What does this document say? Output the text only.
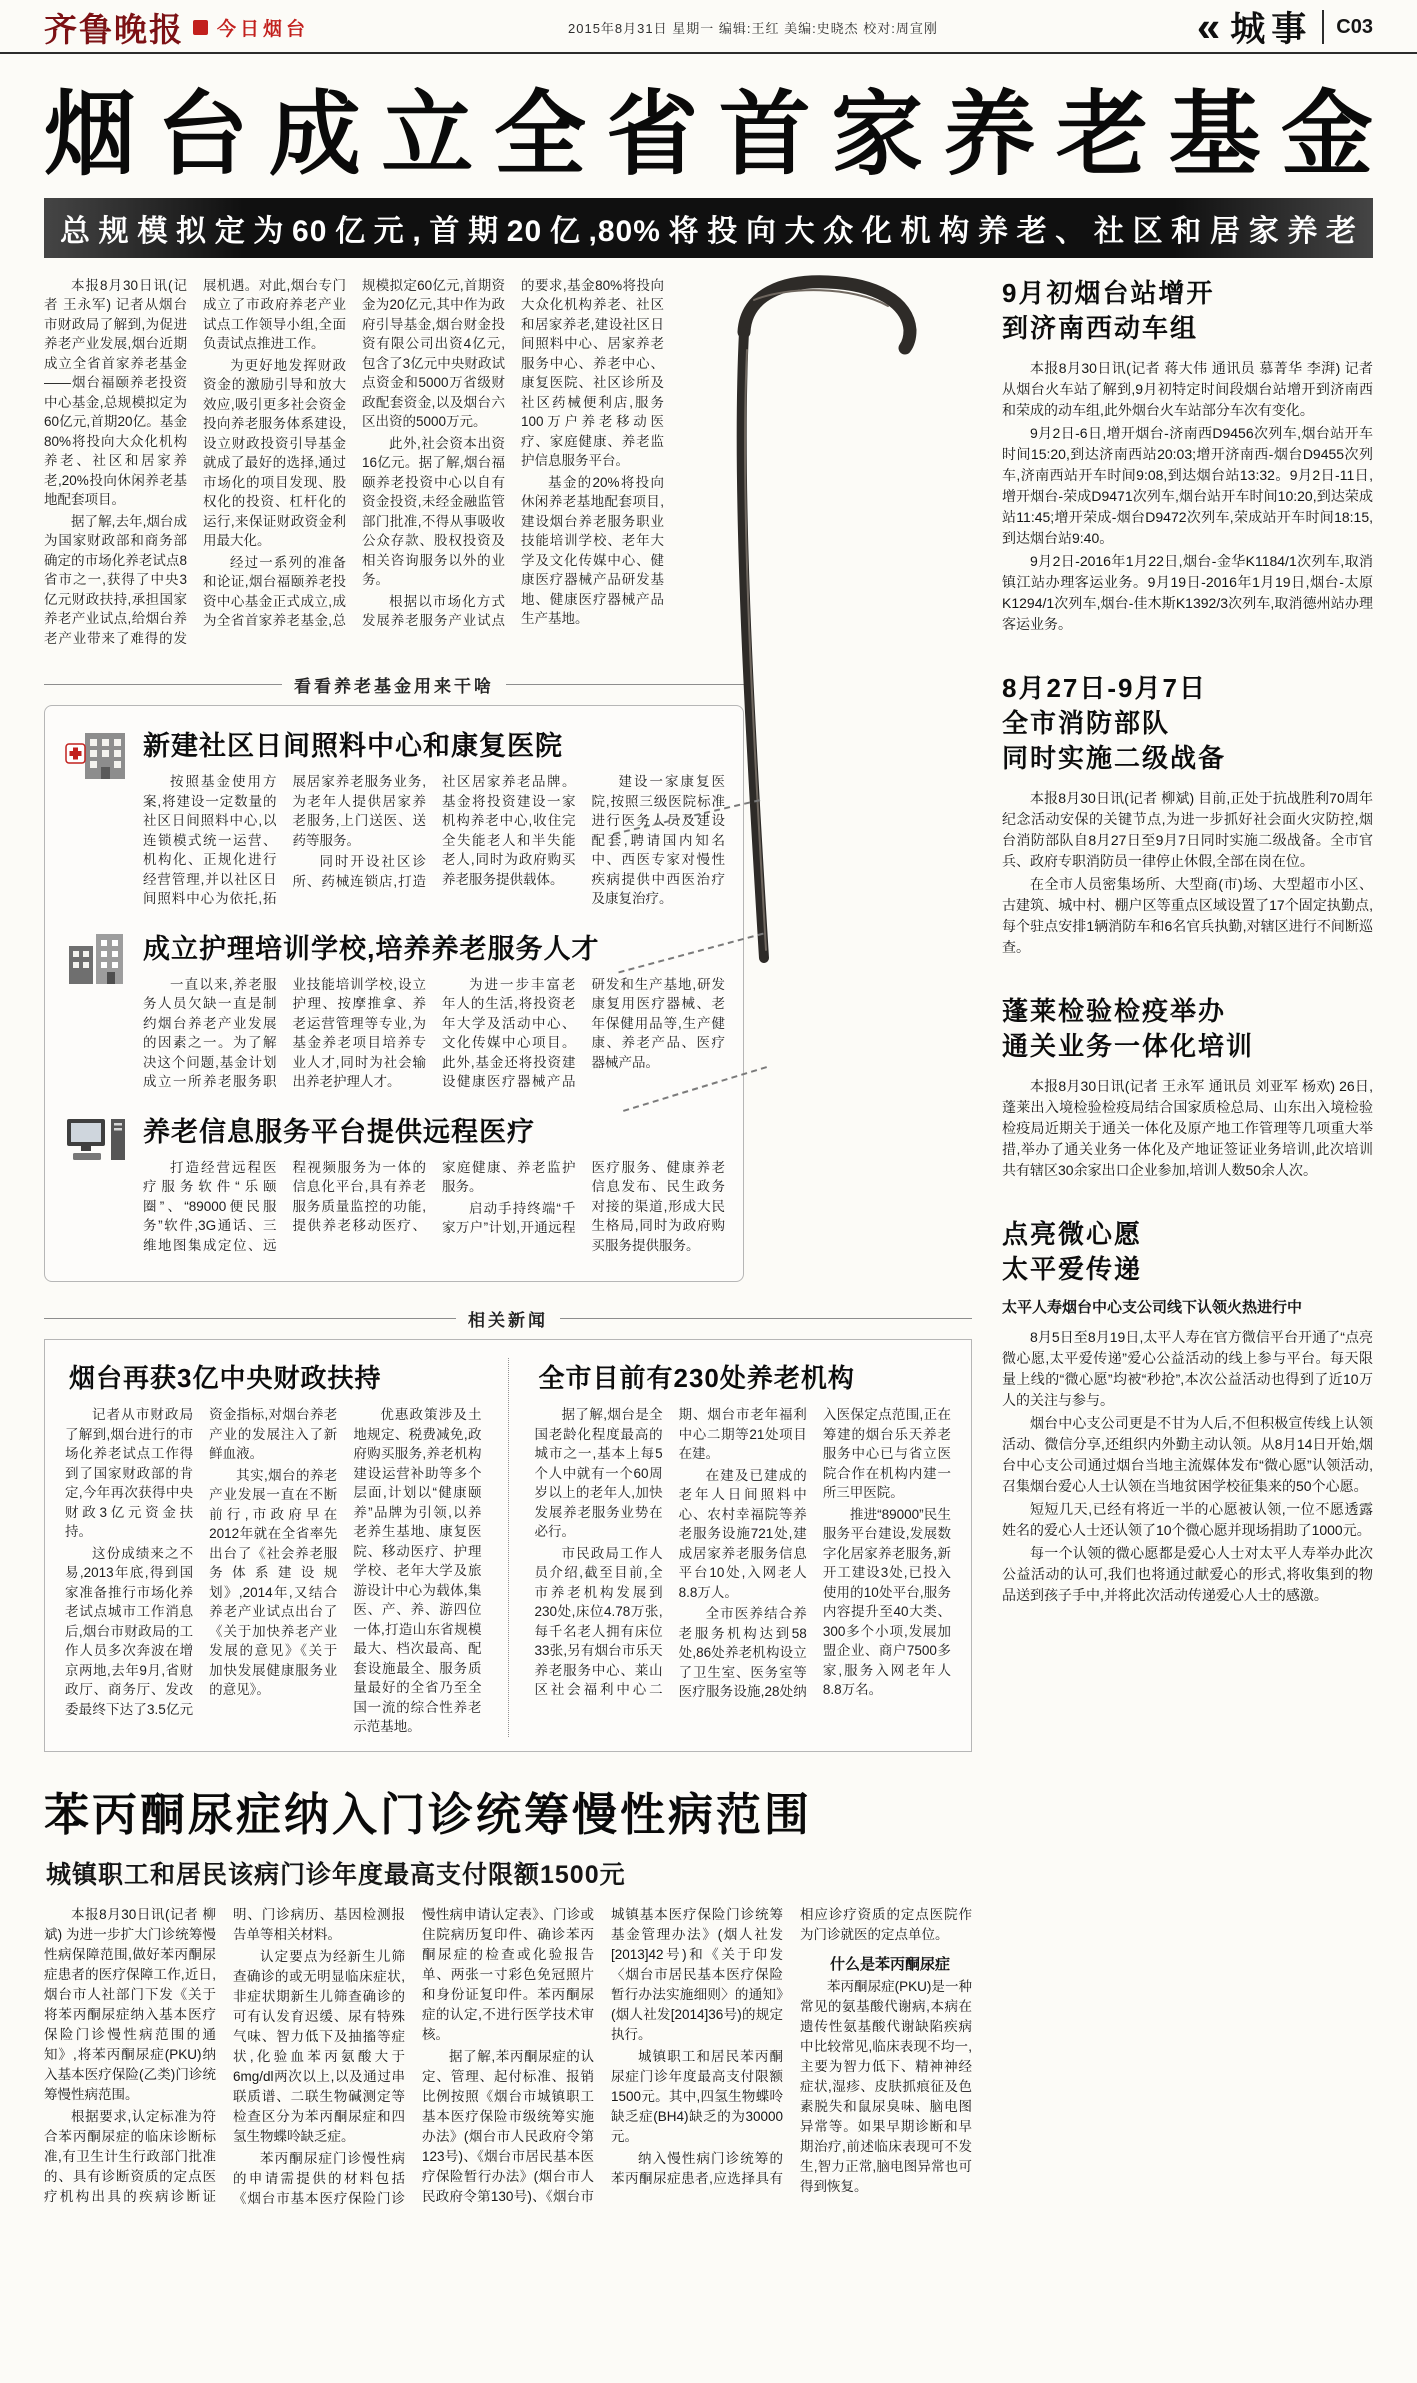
齐鲁晚报 今日烟台	2015年8月31日 星期一 编辑:王红 美编:史晓杰 校对:周宣刚	« 城事	C03
烟台成立全省首家养老基金
总规模拟定为60亿元,首期20亿,80%将投向大众化机构养老、社区和居家养老

本报8月30日讯(记者 王永军) 记者从烟台市财政局了解到,为促进养老产业发展,烟台近期成立全省首家养老基金——烟台福颐养老投资中心基金,总规模拟定为60亿元,首期20亿。基金80%将投向大众化机构养老、社区和居家养老,20%投向休闲养老基地配套项目。

据了解,去年,烟台成为国家财政部和商务部确定的市场化养老试点8省市之一,获得了中央3亿元财政扶持,承担国家养老产业试点,给烟台养老产业带来了难得的发展机遇。对此,烟台专门成立了市政府养老产业试点工作领导小组,全面负责试点推进工作。

为更好地发挥财政资金的激励引导和放大效应,吸引更多社会资金投向养老服务体系建设,设立财政投资引导基金就成了最好的选择,通过市场化的项目发现、股权化的投资、杠杆化的运行,来保证财政资金利用最大化。

经过一系列的准备和论证,烟台福颐养老投资中心基金正式成立,成为全省首家养老基金,总规模拟定60亿元,首期资金为20亿元,其中作为政府引导基金,烟台财金投资有限公司出资4亿元,包含了3亿元中央财政试点资金和5000万省级财政配套资金,以及烟台六区出资的5000万元。

此外,社会资本出资16亿元。据了解,烟台福颐养老投资中心以自有资金投资,未经金融监管部门批准,不得从事吸收公众存款、股权投资及相关咨询服务以外的业务。

根据以市场化方式发展养老服务产业试点的要求,基金80%将投向大众化机构养老、社区和居家养老,建设社区日间照料中心、居家养老服务中心、养老中心、康复医院、社区诊所及社区药械便利店,服务100万户养老移动医疗、家庭健康、养老监护信息服务平台。

基金的20%将投向休闲养老基地配套项目,建设烟台养老服务职业技能培训学校、老年大学及文化传媒中心、健康医疗器械产品研发基地、健康医疗器械产品生产基地。

看看养老基金用来干啥
新建社区日间照料中心和康复医院

按照基金使用方案,将建设一定数量的社区日间照料中心,以连锁模式统一运营、机构化、正规化进行经营管理,并以社区日间照料中心为依托,拓展居家养老服务业务,为老年人提供居家养老服务,上门送医、送药等服务。

同时开设社区诊所、药械连锁店,打造社区居家养老品牌。基金将投资建设一家机构养老中心,收住完全失能老人和半失能老人,同时为政府购买养老服务提供载体。

建设一家康复医院,按照三级医院标准进行医务人员及建设配套,聘请国内知名中、西医专家对慢性疾病提供中西医治疗及康复治疗。

成立护理培训学校,培养养老服务人才

一直以来,养老服务人员欠缺一直是制约烟台养老产业发展的因素之一。为了解决这个问题,基金计划成立一所养老服务职业技能培训学校,设立护理、按摩推拿、养老运营管理等专业,为基金养老项目培养专业人才,同时为社会输出养老护理人才。

为进一步丰富老年人的生活,将投资老年大学及活动中心、文化传媒中心项目。此外,基金还将投资建设健康医疗器械产品研发和生产基地,研发康复用医疗器械、老年保健用品等,生产健康、养老产品、医疗器械产品。

养老信息服务平台提供远程医疗

打造经营远程医疗服务软件“乐颐圈”、“89000便民服务”软件,3G通话、三维地图集成定位、远程视频服务为一体的信息化平台,具有养老服务质量监控的功能,提供养老移动医疗、家庭健康、养老监护服务。

启动手持终端“千家万户”计划,开通远程医疗服务、健康养老信息发布、民生政务对接的渠道,形成大民生格局,同时为政府购买服务提供服务。

相关新闻
烟台再获3亿中央财政扶持

记者从市财政局了解到,烟台进行的市场化养老试点工作得到了国家财政部的肯定,今年再次获得中央财政3亿元资金扶持。

这份成绩来之不易,2013年底,得到国家准备推行市场化养老试点城市工作消息后,烟台市财政局的工作人员多次奔波在增京两地,去年9月,省财政厅、商务厅、发改委最终下达了3.5亿元资金指标,对烟台养老产业的发展注入了新鲜血液。

其实,烟台的养老产业发展一直在不断前行,市政府早在2012年就在全省率先出台了《社会养老服务体系建设规划》,2014年,又结合养老产业试点出台了《关于加快养老产业发展的意见》《关于加快发展健康服务业的意见》。

优惠政策涉及土地规定、税费减免,政府购买服务,养老机构建设运营补助等多个层面,计划以“健康颐养”品牌为引领,以养老养生基地、康复医院、移动医疗、护理学校、老年大学及旅游设计中心为载体,集医、产、养、游四位一体,打造山东省规模最大、档次最高、配套设施最全、服务质量最好的全省乃至全国一流的综合性养老示范基地。

全市目前有230处养老机构

据了解,烟台是全国老龄化程度最高的城市之一,基本上每5个人中就有一个60周岁以上的老年人,加快发展养老服务业势在必行。

市民政局工作人员介绍,截至目前,全市养老机构发展到230处,床位4.78万张,每千名老人拥有床位33张,另有烟台市乐天养老服务中心、莱山区社会福利中心二期、烟台市老年福利中心二期等21处项目在建。

在建及已建成的老年人日间照料中心、农村幸福院等养老服务设施721处,建成居家养老服务信息平台10处,入网老人8.8万人。

全市医养结合养老服务机构达到58处,86处养老机构设立了卫生室、医务室等医疗服务设施,28处纳入医保定点范围,正在筹建的烟台乐天养老服务中心已与省立医院合作在机构内建一所三甲医院。

推进“89000”民生服务平台建设,发展数字化居家养老服务,新开工建设3处,已投入使用的10处平台,服务内容提升至40大类、300多个小项,发展加盟企业、商户7500多家,服务入网老年人8.8万名。

苯丙酮尿症纳入门诊统筹慢性病范围
城镇职工和居民该病门诊年度最高支付限额1500元

本报8月30日讯(记者 柳斌) 为进一步扩大门诊统筹慢性病保障范围,做好苯丙酮尿症患者的医疗保障工作,近日,烟台市人社部门下发《关于将苯丙酮尿症纳入基本医疗保险门诊慢性病范围的通知》,将苯丙酮尿症(PKU)纳入基本医疗保险(乙类)门诊统筹慢性病范围。

根据要求,认定标准为符合苯丙酮尿症的临床诊断标准,有卫生计生行政部门批准的、具有诊断资质的定点医疗机构出具的疾病诊断证明、门诊病历、基因检测报告单等相关材料。

认定要点为经新生儿筛查确诊的或无明显临床症状,非症状期新生儿筛查确诊的可有认发育迟缓、尿有特殊气味、智力低下及抽搐等症状,化验血苯丙氨酸大于6mg/dl两次以上,以及通过串联质谱、二联生物碱测定等检查区分为苯丙酮尿症和四氢生物蝶呤缺乏症。

苯丙酮尿症门诊慢性病的申请需提供的材料包括《烟台市基本医疗保险门诊慢性病申请认定表》、门诊或住院病历复印件、确诊苯丙酮尿症的检查或化验报告单、两张一寸彩色免冠照片和身份证复印件。苯丙酮尿症的认定,不进行医学技术审核。

据了解,苯丙酮尿症的认定、管理、起付标准、报销比例按照《烟台市城镇职工基本医疗保险市级统筹实施办法》(烟台市人民政府令第123号)、《烟台市居民基本医疗保险暂行办法》(烟台市人民政府令第130号)、《烟台市城镇基本医疗保险门诊统筹基金管理办法》(烟人社发[2013]42号)和《关于印发〈烟台市居民基本医疗保险暂行办法实施细则〉的通知》(烟人社发[2014]36号)的规定执行。

城镇职工和居民苯丙酮尿症门诊年度最高支付限额1500元。其中,四氢生物蝶呤缺乏症(BH4)缺乏的为30000元。

纳入慢性病门诊统筹的苯丙酮尿症患者,应选择具有相应诊疗资质的定点医院作为门诊就医的定点单位。

什么是苯丙酮尿症

苯丙酮尿症(PKU)是一种常见的氨基酸代谢病,本病在遗传性氨基酸代谢缺陷疾病中比较常见,临床表现不均一,主要为智力低下、精神神经症状,湿疹、皮肤抓痕征及色素脱失和鼠尿臭味、脑电图异常等。如果早期诊断和早期治疗,前述临床表现可不发生,智力正常,脑电图异常也可得到恢复。

9月初烟台站增开
到济南西动车组

本报8月30日讯(记者 蒋大伟 通讯员 慕菁华 李湃) 记者从烟台火车站了解到,9月初特定时间段烟台站增开到济南西和荣成的动车组,此外烟台火车站部分车次有变化。

9月2日-6日,增开烟台-济南西D9456次列车,烟台站开车时间15:20,到达济南西站20:03;增开济南西-烟台D9455次列车,济南西站开车时间9:08,到达烟台站13:32。9月2日-11日,增开烟台-荣成D9471次列车,烟台站开车时间10:20,到达荣成站11:45;增开荣成-烟台D9472次列车,荣成站开车时间18:15,到达烟台站9:40。

9月2日-2016年1月22日,烟台-金华K1184/1次列车,取消镇江站办理客运业务。9月19日-2016年1月19日,烟台-太原K1294/1次列车,烟台-佳木斯K1392/3次列车,取消德州站办理客运业务。

8月27日-9月7日
全市消防部队
同时实施二级战备

本报8月30日讯(记者 柳斌) 目前,正处于抗战胜利70周年纪念活动安保的关键节点,为进一步抓好社会面火灾防控,烟台消防部队自8月27日至9月7日同时实施二级战备。全市官兵、政府专职消防员一律停止休假,全部在岗在位。

在全市人员密集场所、大型商(市)场、大型超市小区、古建筑、城中村、棚户区等重点区域设置了17个固定执勤点,每个驻点安排1辆消防车和6名官兵执勤,对辖区进行不间断巡查。

蓬莱检验检疫举办
通关业务一体化培训

本报8月30日讯(记者 王永军 通讯员 刘亚军 杨欢) 26日,蓬莱出入境检验检疫局结合国家质检总局、山东出入境检验检疫局近期关于通关一体化及原产地工作管理等几项重大举措,举办了通关业务一体化及产地证签证业务培训,此次培训共有辖区30余家出口企业参加,培训人数50余人次。

点亮微心愿
太平爱传递
太平人寿烟台中心支公司线下认领火热进行中

8月5日至8月19日,太平人寿在官方微信平台开通了“点亮微心愿,太平爱传递”爱心公益活动的线上参与平台。每天限量上线的“微心愿”均被“秒抢”,本次公益活动也得到了近10万人的关注与参与。

烟台中心支公司更是不甘为人后,不但积极宣传线上认领活动、微信分享,还组织内外勤主动认领。从8月14日开始,烟台中心支公司通过烟台当地主流媒体发布“微心愿”认领活动,召集烟台爱心人士认领在当地贫困学校征集来的50个心愿。

短短几天,已经有将近一半的心愿被认领,一位不愿透露姓名的爱心人士还认领了10个微心愿并现场捐助了1000元。

每一个认领的微心愿都是爱心人士对太平人寿举办此次公益活动的认可,我们也将通过献爱心的形式,将收集到的物品送到孩子手中,并将此次活动传递爱心人士的感激。
